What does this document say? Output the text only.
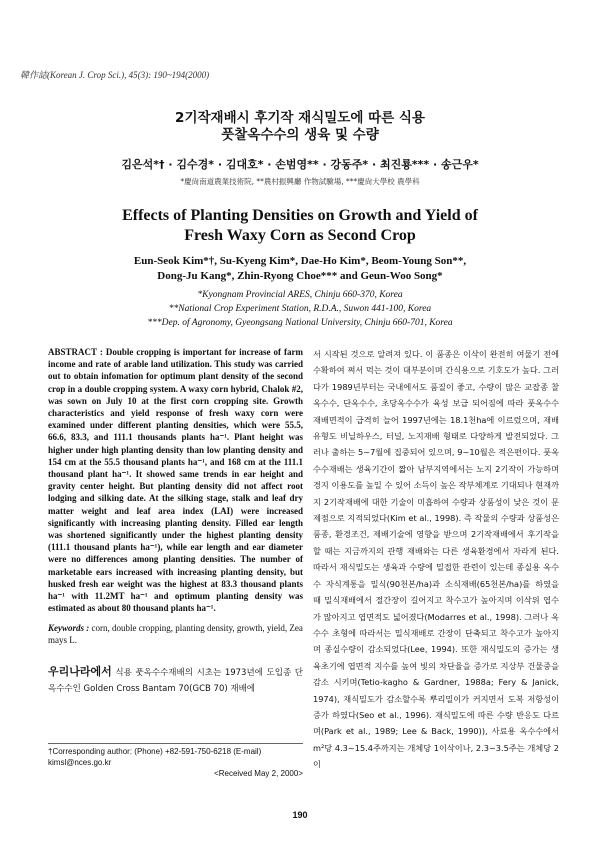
韓作誌(Korean J. Crop Sci.), 45(3): 190~194(2000)
2기작재배시 후기작 재식밀도에 따른 식용
풋찰옥수수의 생육 및 수량
김은석*† · 김수경* · 김대호* · 손범영** · 강동주* · 최진룡*** · 송근우*
*慶尙南道農業技術院, **農村振興廳 作物試驗場, ***慶尙大學校 農學科
Effects of Planting Densities on Growth and Yield of
Fresh Waxy Corn as Second Crop
Eun-Seok Kim*†, Su-Kyeng Kim*, Dae-Ho Kim*, Beom-Young Son**,
Dong-Ju Kang*, Zhin-Ryong Choe*** and Geun-Woo Song*
*Kyongnam Provincial ARES, Chinju 660-370, Korea
**National Crop Experiment Station, R.D.A., Suwon 441-100, Korea
***Dep. of Agronomy, Gyeongsang National University, Chinju 660-701, Korea

ABSTRACT : Double cropping is important for increase of farm income and rate of arable land utilization. This study was carried out to obtain infomation for optimum plant density of the second crop in a double cropping system. A waxy corn hybrid, Chalok #2, was sown on July 10 at the first corn cropping site. Growth characteristics and yield response of fresh waxy corn were examined under different planting densities, which were 55.5, 66.6, 83.3, and 111.1 thousands plants ha⁻¹. Plant height was higher under high planting density than low planting density and 154 cm at the 55.5 thousand plants ha⁻¹, and 168 cm at the 111.1 thousand plant ha⁻¹. It showed same trends in ear height and gravity center height. But planting density did not affect root lodging and silking date. At the silking stage, stalk and leaf dry matter weight and leaf area index (LAI) were increased significantly with increasing planting density. Filled ear length was shortened significantly under the highest planting density (111.1 thousand plants ha⁻¹), while ear length and ear diameter were no differences among planting densities. The number of marketable ears increased with increasing planting density, but husked fresh ear weight was the highest at 83.3 thousand plants ha⁻¹ with 11.2MT ha⁻¹ and optimum planting density was estimated as about 80 thousand plants ha⁻¹.

Keywords : corn, double cropping, planting density, growth, yield, Zea mays L.

우리나라에서 식용 풋옥수수재배의 시초는 1973년에 도입종 단옥수수인 Golden Cross Bantam 70(GCB 70) 재배에
†Corresponding author: (Phone) +82-591-750-6218 (E-mail) kimsl@nces.go.kr
<Received May 2, 2000>

서 시작된 것으로 알려져 있다. 이 품종은 이삭이 완전히 여물기 전에 수확하여 쪄서 먹는 것이 대부분이며 간식용으로 기호도가 높다. 그러다가 1989년부터는 국내에서도 품질이 좋고, 수량이 많은 교잡종 찰옥수수, 단옥수수, 초당옥수수가 육성 보급 되어짐에 따라 풋옥수수 재배면적이 급격히 늘어 1997년에는 18.1천ha에 이르렀으며, 재배유형도 비닐하우스, 터널, 노지재배 형태로 다양하게 발전되었다. 그러나 출하는 5~7월에 집중되어 있으며, 9~10월은 적은편이다. 풋옥수수재배는 생육기간이 짧아 남부지역에서는 노지 2기작이 가능하며 경지 이용도를 높일 수 있어 소득이 높은 작부체계로 기대되나 현재까지 2기작재배에 대한 기술이 미흡하여 수량과 상품성이 낮은 것이 문제점으로 지적되었다(Kim et al., 1998). 즉 작물의 수량과 상품성은 품종, 환경조건, 제배기술에 영향을 받으며 2기작재배에서 후기작을 할 때는 지금까지의 관행 재배와는 다른 생육환경에서 자라게 된다. 따라서 재식밀도는 생육과 수량에 밀접한 관련이 있는데 종실용 옥수수 자식계통을 밀식(90천본/ha)과 소식재배(65천본/ha)를 하였을 때 밀식재배에서 절간장이 길어지고 착수고가 높아지며 이삭위 엽수가 많아지고 엽면적도 넓어졌다(Modarres et al., 1998). 그러나 옥수수 초형에 따라서는 밀식재배로 간장이 단축되고 착수고가 높아지며 종실수량이 감소되었다(Lee, 1994). 또한 재식밀도의 증가는 생육초기에 엽면적 지수를 높여 빛의 차단율을 증가로 지상부 건물중을 감소 시키며(Tetio-kagho & Gardner, 1988a; Fery & Janick, 1974), 재식밀도가 감소할수록 뿌리밀이가 커지면서 도복 저항성이 증가 하였다(Seo et al., 1996). 재식밀도에 따른 수량 반응도 다르며(Park et al., 1989; Lee & Back, 1990)), 사료용 옥수수에서 m²당 4.3~15.4주까지는 개체당 1이삭이나, 2.3~3.5주는 개체당 2이

190
